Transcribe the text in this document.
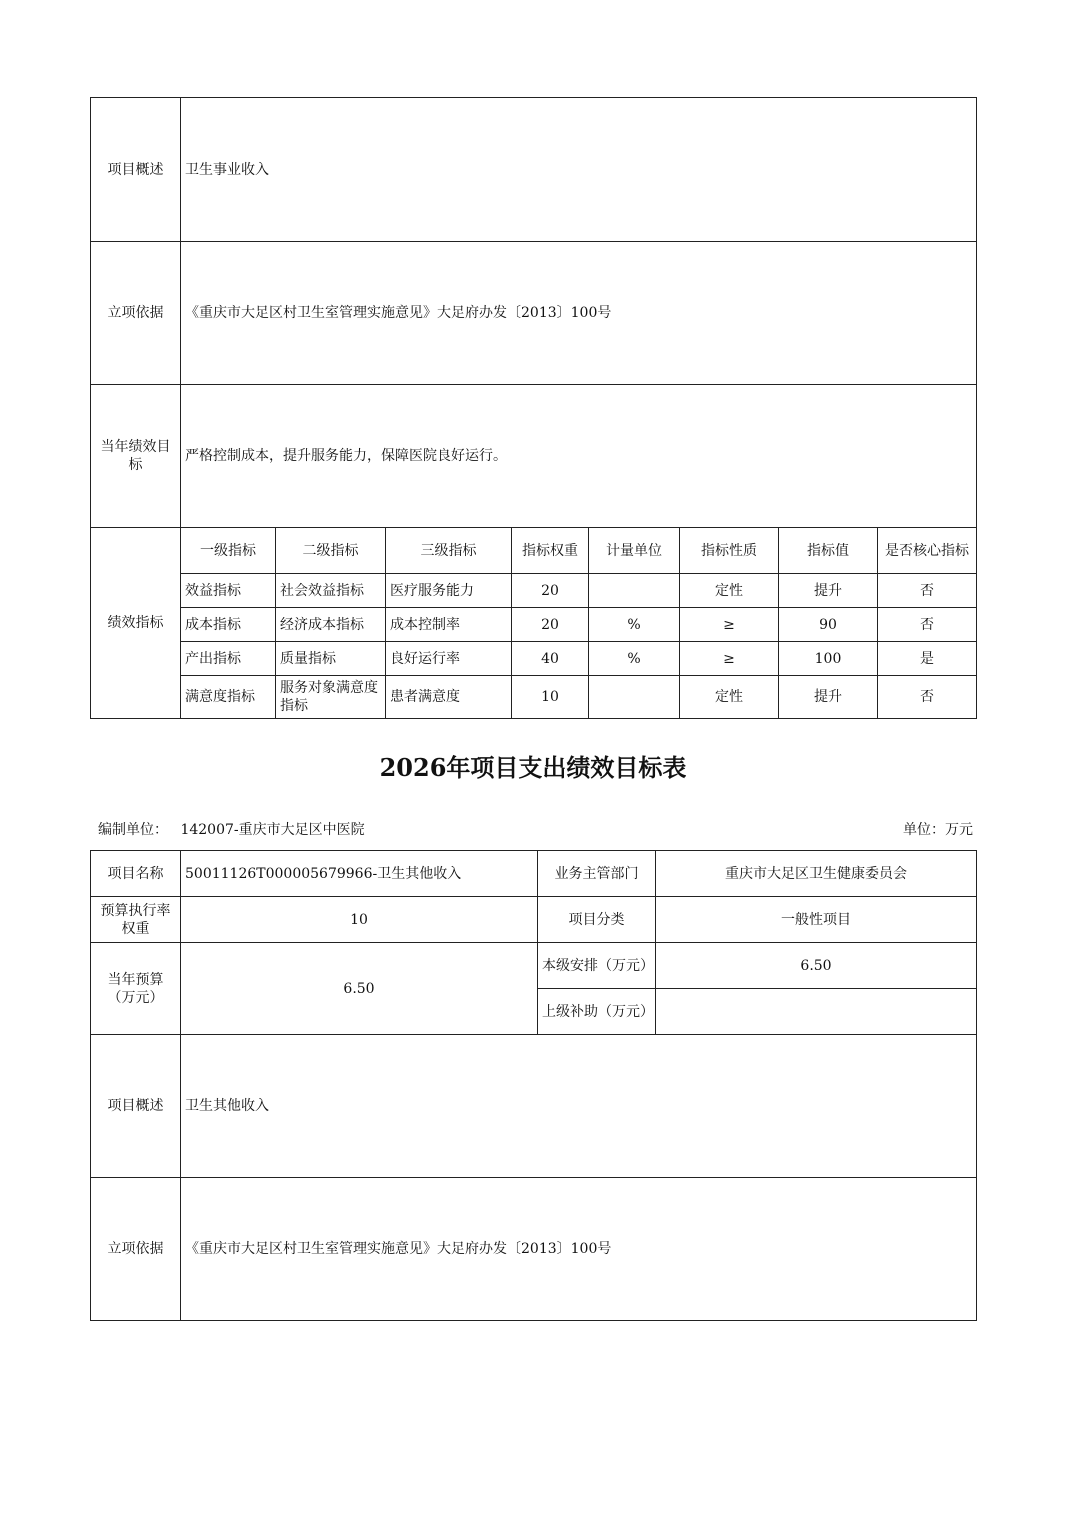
项目概述	卫生事业收入							
立项依据	《重庆市大足区村卫生室管理实施意见》大足府办发〔2013〕100号							
当年绩效目标	严格控制成本，提升服务能力，保障医院良好运行。							
绩效指标	一级指标	二级指标	三级指标	指标权重	计量单位	指标性质	指标值	是否核心指标
	效益指标	社会效益指标	医疗服务能力	20		定性	提升	否
	成本指标	经济成本指标	成本控制率	20	%	≥	90	否
	产出指标	质量指标	良好运行率	40	%	≥	100	是
	满意度指标	服务对象满意度指标	患者满意度	10		定性	提升	否
2026年项目支出绩效目标表
编制单位： 142007-重庆市大足区中医院	单位：万元
项目名称	50011126T000005679966-卫生其他收入	业务主管部门	重庆市大足区卫生健康委员会
预算执行率权重	10	项目分类	一般性项目
当年预算（万元）	6.50	本级安排（万元）	6.50
		上级补助（万元）	
项目概述	卫生其他收入		
立项依据	《重庆市大足区村卫生室管理实施意见》大足府办发〔2013〕100号		
